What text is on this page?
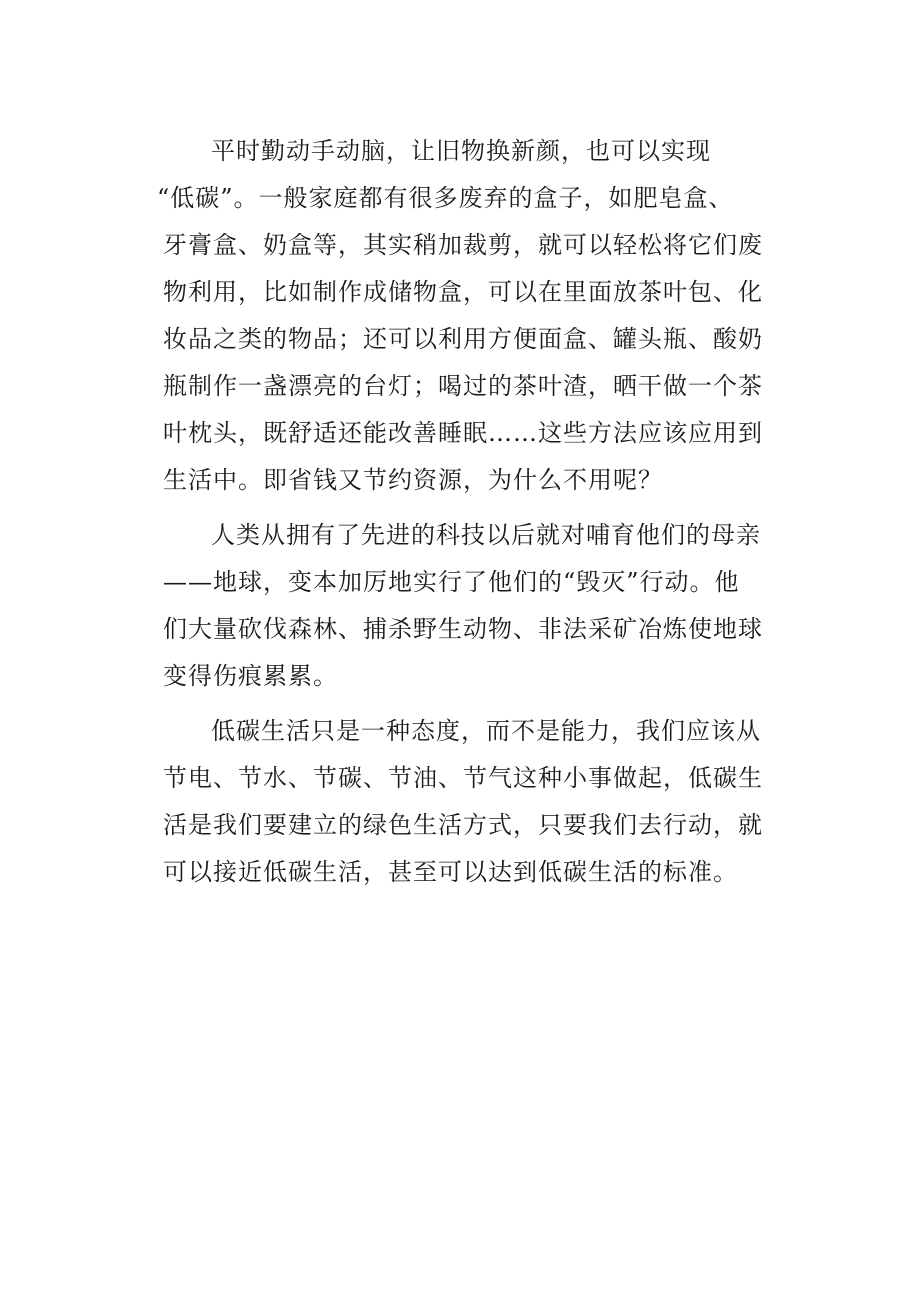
平时勤动手动脑，让旧物换新颜，也可以实现
“低碳”。一般家庭都有很多废弃的盒子，如肥皂盒、
牙膏盒、奶盒等，其实稍加裁剪，就可以轻松将它们废
物利用，比如制作成储物盒，可以在里面放茶叶包、化
妆品之类的物品；还可以利用方便面盒、罐头瓶、酸奶
瓶制作一盏漂亮的台灯；喝过的茶叶渣，晒干做一个茶
叶枕头，既舒适还能改善睡眠……这些方法应该应用到
生活中。即省钱又节约资源，为什么不用呢？
人类从拥有了先进的科技以后就对哺育他们的母亲
——地球，变本加厉地实行了他们的“毁灭”行动。他
们大量砍伐森林、捕杀野生动物、非法采矿冶炼使地球
变得伤痕累累。
低碳生活只是一种态度，而不是能力，我们应该从
节电、节水、节碳、节油、节气这种小事做起，低碳生
活是我们要建立的绿色生活方式，只要我们去行动，就
可以接近低碳生活，甚至可以达到低碳生活的标准。
